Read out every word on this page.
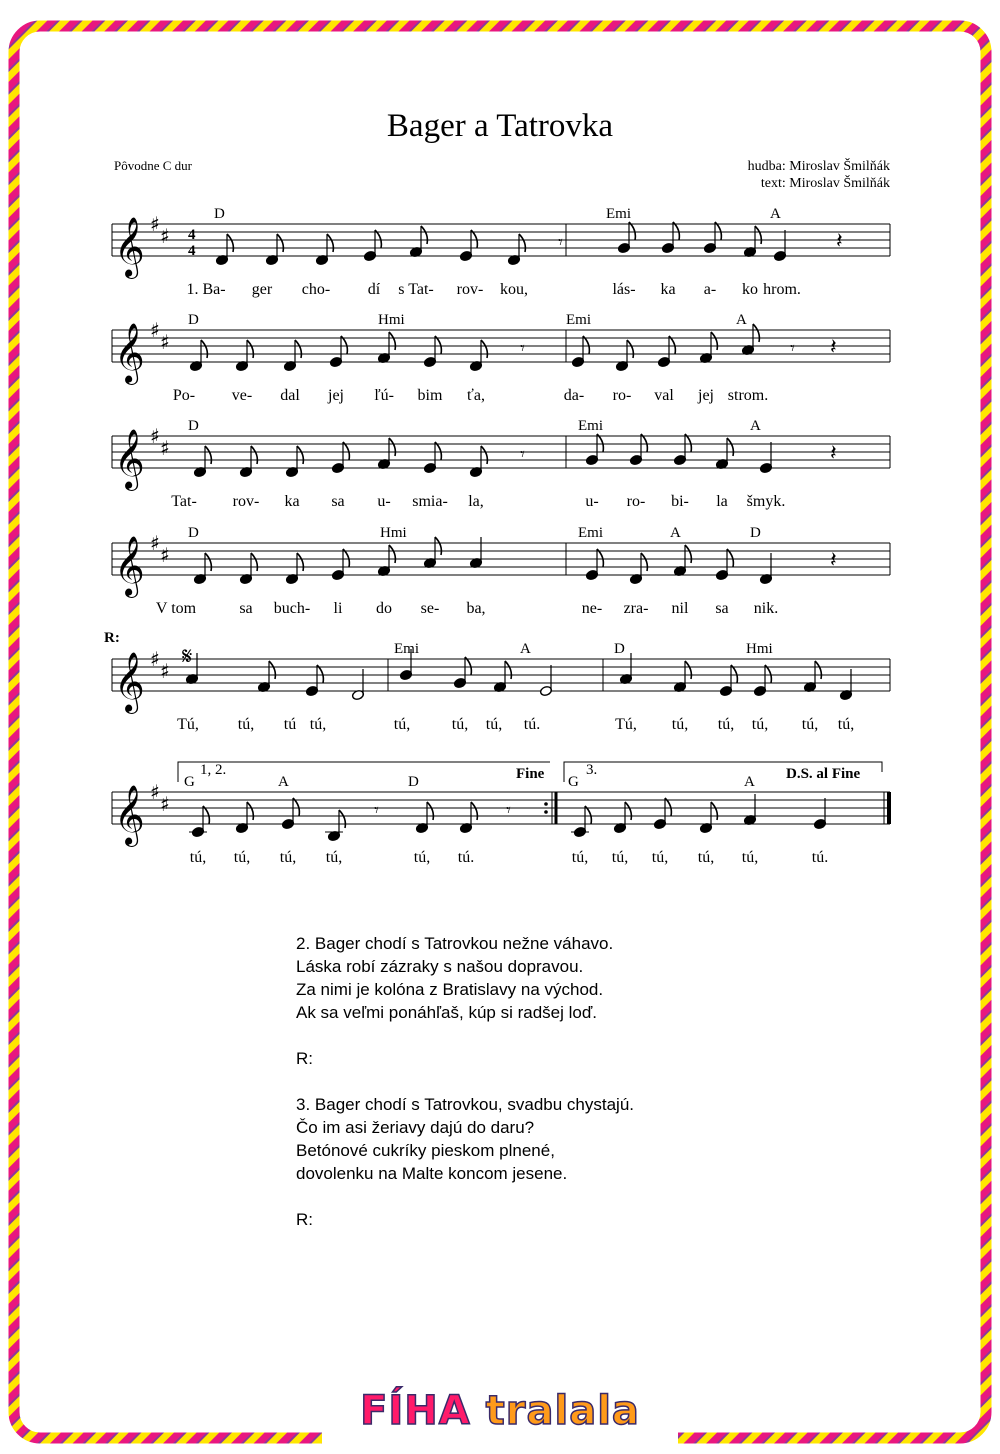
Bager a Tatrovka
Pôvodne C dur	hudba: Miroslav Šmilňák
text: Miroslav Šmilňák
𝄞 ♯ ♯ 4
4
𝄞 ♯ ♯
𝄞 ♯ ♯
𝄞 ♯ ♯
𝄞 ♯ ♯
𝄞 ♯ ♯
𝄾	𝄽
𝄾	𝄾 𝄽
𝄾	𝄽
𝄽
𝄾	𝄾
D	Emi	A
1. Ba- ger cho- dí s Tat- rov- kou,	lás- ka a- ko hrom.
D	Hmi	Emi	A
Po- ve- dal jej ľú- bim ťa,	da- ro- val jej strom.
D	Emi	A
Tat- rov- ka sa u- smia- la,	u- ro- bi- la šmyk.
D	Hmi	Emi	A	D
V tom	sa buch- li do se- ba,	ne- zra- nil sa nik.
Emi	A	D	Hmi
Tú, tú, tú tú,	tú,	tú, tú, tú.	Tú, tú, tú, tú, tú, tú,
G	A	D	G	A
tú, tú, tú, tú,	tú, tú.	tú, tú, tú, tú, tú,	tú.
R:
𝄋
1, 2.	3.
Fine	D.S. al Fine
2. Bager chodí s Tatrovkou nežne váhavo.
Láska robí zázraky s našou dopravou.
Za nimi je kolóna z Bratislavy na východ.
Ak sa veľmi ponáhľaš, kúp si radšej loď.
R:
3. Bager chodí s Tatrovkou, svadbu chystajú.
Čo im asi žeriavy dajú do daru?
Betónové cukríky pieskom plnené,
dovolenku na Malte koncom jesene.
R:
FÍHA tralala
